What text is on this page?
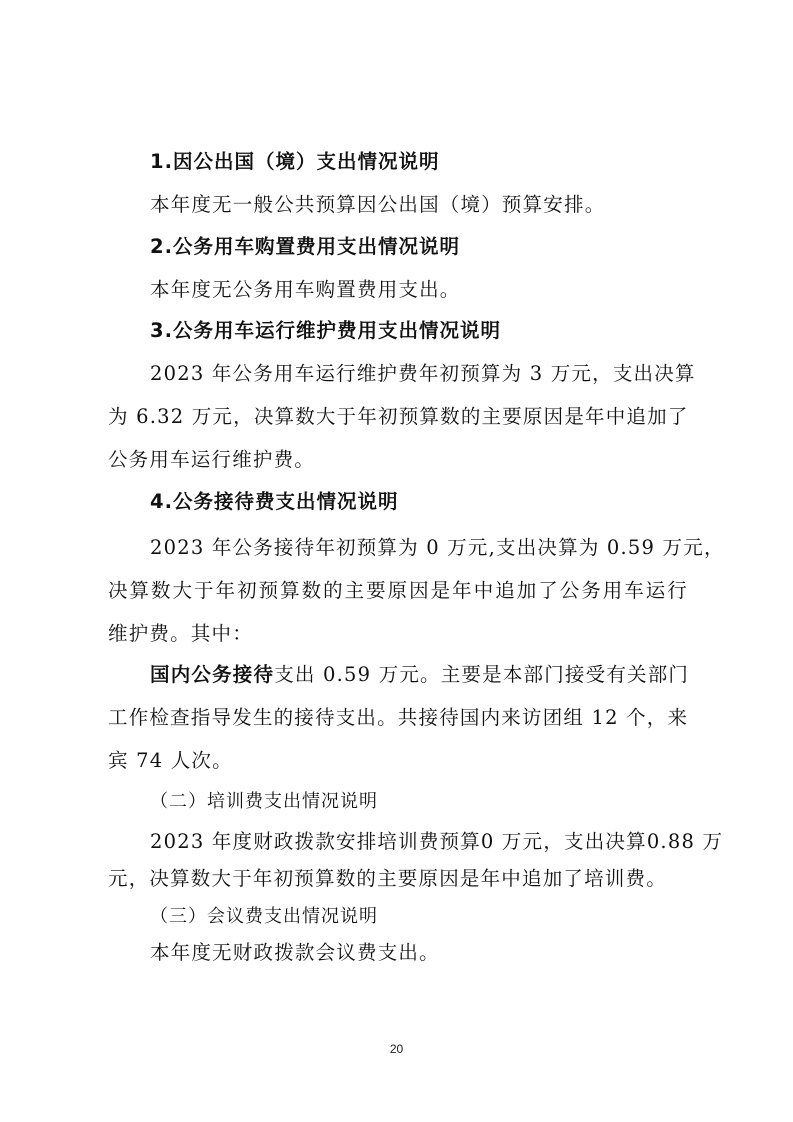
1.因公出国（境）支出情况说明
本年度无一般公共预算因公出国（境）预算安排。
2.公务用车购置费用支出情况说明
本年度无公务用车购置费用支出。
3.公务用车运行维护费用支出情况说明
2023 年公务用车运行维护费年初预算为 3 万元，支出决算
为 6.32 万元，决算数大于年初预算数的主要原因是年中追加了
公务用车运行维护费。
4.公务接待费支出情况说明
2023 年公务接待年初预算为 0 万元,支出决算为 0.59 万元，
决算数大于年初预算数的主要原因是年中追加了公务用车运行
维护费。其中：
国内公务接待支出 0.59 万元。主要是本部门接受有关部门
工作检查指导发生的接待支出。共接待国内来访团组 12 个，来
宾 74 人次。
（二）培训费支出情况说明
2023 年度财政拨款安排培训费预算0 万元，支出决算0.88 万
元，决算数大于年初预算数的主要原因是年中追加了培训费。
（三）会议费支出情况说明
本年度无财政拨款会议费支出。
20
